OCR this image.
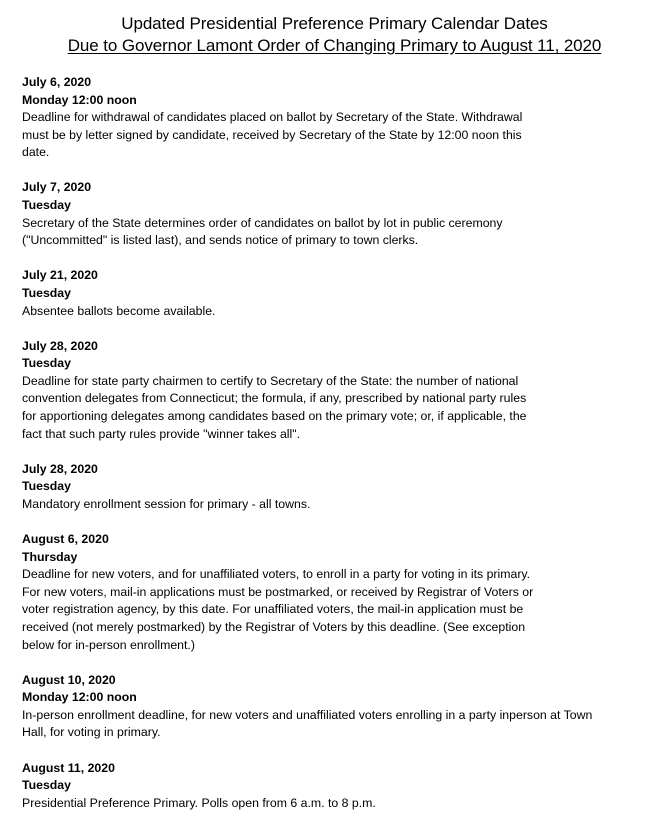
Updated Presidential Preference Primary Calendar Dates
Due to Governor Lamont Order of Changing Primary to August 11, 2020
July 6, 2020
Monday 12:00 noon
Deadline for withdrawal of candidates placed on ballot by Secretary of the State. Withdrawal
must be by letter signed by candidate, received by Secretary of the State by 12:00 noon this
date.
July 7, 2020
Tuesday
Secretary of the State determines order of candidates on ballot by lot in public ceremony
("Uncommitted" is listed last), and sends notice of primary to town clerks.
July 21, 2020
Tuesday
Absentee ballots become available.
July 28, 2020
Tuesday
Deadline for state party chairmen to certify to Secretary of the State: the number of national
convention delegates from Connecticut; the formula, if any, prescribed by national party rules
for apportioning delegates among candidates based on the primary vote; or, if applicable, the
fact that such party rules provide "winner takes all".
July 28, 2020
Tuesday
Mandatory enrollment session for primary - all towns.
August 6, 2020
Thursday
Deadline for new voters, and for unaffiliated voters, to enroll in a party for voting in its primary.
For new voters, mail-in applications must be postmarked, or received by Registrar of Voters or
voter registration agency, by this date. For unaffiliated voters, the mail-in application must be
received (not merely postmarked) by the Registrar of Voters by this deadline. (See exception
below for in-person enrollment.)
August 10, 2020
Monday 12:00 noon
In-person enrollment deadline, for new voters and unaffiliated voters enrolling in a party inperson at Town
Hall, for voting in primary.
August 11, 2020
Tuesday
Presidential Preference Primary. Polls open from 6 a.m. to 8 p.m.
